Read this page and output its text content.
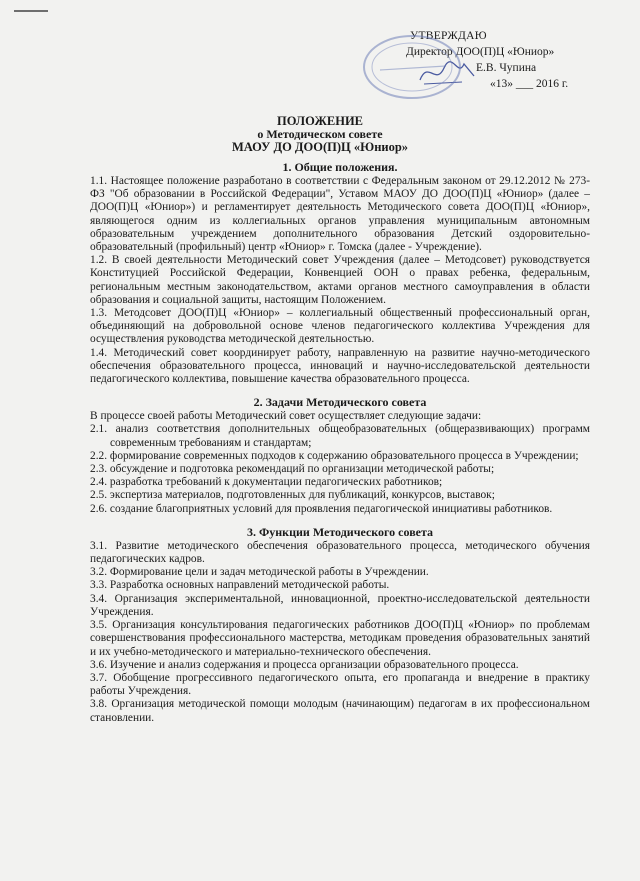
УТВЕРЖДАЮ
Директор ДОО(П)Ц «Юниор»
Е.В. Чупина
«13» ___ 2016 г.
ПОЛОЖЕНИЕ
о Методическом совете
МАОУ ДО ДОО(П)Ц «Юниор»
1. Общие положения.
1.1. Настоящее положение разработано в соответствии с Федеральным законом от 29.12.2012 № 273-ФЗ "Об образовании в Российской Федерации", Уставом МАОУ ДО ДОО(П)Ц «Юниор» (далее – ДОО(П)Ц «Юниор») и регламентирует деятельность Методического совета ДОО(П)Ц «Юниор», являющегося одним из коллегиальных органов управления муниципальным автономным образовательным учреждением дополнительного образования Детский оздоровительно-образовательный (профильный) центр «Юниор» г. Томска (далее - Учреждение).
1.2. В своей деятельности Методический совет Учреждения (далее – Методсовет) руководствуется Конституцией Российской Федерации, Конвенцией ООН о правах ребенка, федеральным, региональным местным законодательством, актами органов местного самоуправления в области образования и социальной защиты, настоящим Положением.
1.3. Методсовет ДОО(П)Ц «Юниор» – коллегиальный общественный профессиональный орган, объединяющий на добровольной основе членов педагогического коллектива Учреждения для осуществления руководства методической деятельностью.
1.4. Методический совет координирует работу, направленную на развитие научно-методического обеспечения образовательного процесса, инноваций и научно-исследовательской деятельности педагогического коллектива, повышение качества образовательного процесса.
2. Задачи Методического совета
В процессе своей работы Методический совет осуществляет следующие задачи:
2.1. анализ соответствия дополнительных общеобразовательных (общеразвивающих) программ современным требованиям и стандартам;
2.2. формирование современных подходов к содержанию образовательного процесса в Учреждении;
2.3. обсуждение и подготовка рекомендаций по организации методической работы;
2.4. разработка требований к документации педагогических работников;
2.5. экспертиза материалов, подготовленных для публикаций, конкурсов, выставок;
2.6. создание благоприятных условий для проявления педагогической инициативы работников.
3. Функции Методического совета
3.1. Развитие методического обеспечения образовательного процесса, методического обучения педагогических кадров.
3.2. Формирование цели и задач методической работы в Учреждении.
3.3. Разработка основных направлений методической работы.
3.4. Организация экспериментальной, инновационной, проектно-исследовательской деятельности Учреждения.
3.5. Организация консультирования педагогических работников ДОО(П)Ц «Юниор» по проблемам совершенствования профессионального мастерства, методикам проведения образовательных занятий и их учебно-методического и материально-технического обеспечения.
3.6. Изучение и анализ содержания и процесса организации образовательного процесса.
3.7. Обобщение прогрессивного педагогического опыта, его пропаганда и внедрение в практику работы Учреждения.
3.8. Организация методической помощи молодым (начинающим) педагогам в их профессиональном становлении.
